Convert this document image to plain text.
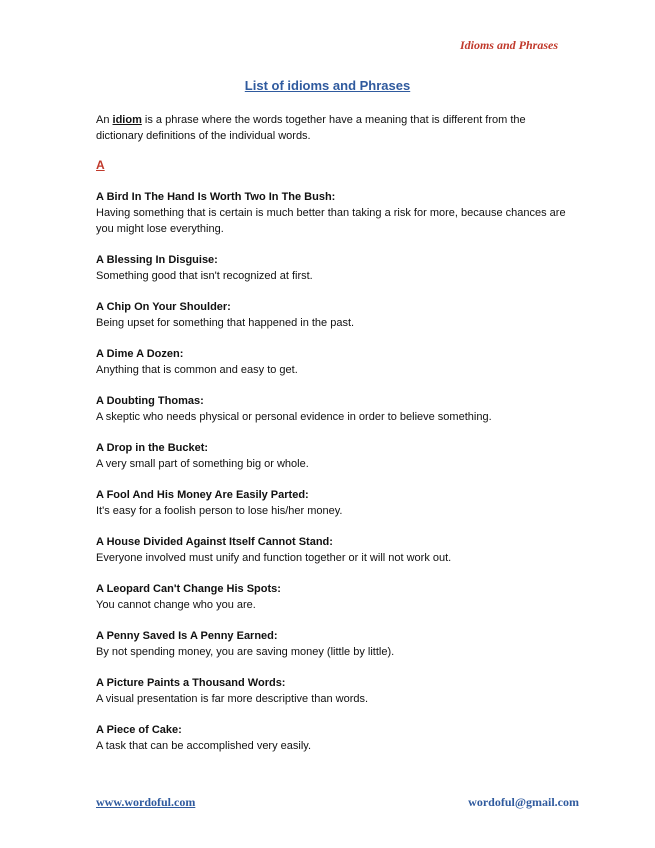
Idioms and Phrases
List of idioms and Phrases
An idiom is a phrase where the words together have a meaning that is different from the dictionary definitions of the individual words.
A
A Bird In The Hand Is Worth Two In The Bush:
Having something that is certain is much better than taking a risk for more, because chances are you might lose everything.
A Blessing In Disguise:
Something good that isn't recognized at first.
A Chip On Your Shoulder:
Being upset for something that happened in the past.
A Dime A Dozen:
Anything that is common and easy to get.
A Doubting Thomas:
A skeptic who needs physical or personal evidence in order to believe something.
A Drop in the Bucket:
A very small part of something big or whole.
A Fool And His Money Are Easily Parted:
It's easy for a foolish person to lose his/her money.
A House Divided Against Itself Cannot Stand:
Everyone involved must unify and function together or it will not work out.
A Leopard Can't Change His Spots:
You cannot change who you are.
A Penny Saved Is A Penny Earned:
By not spending money, you are saving money (little by little).
A Picture Paints a Thousand Words:
A visual presentation is far more descriptive than words.
A Piece of Cake:
A task that can be accomplished very easily.
www.wordoful.com	wordoful@gmail.com
